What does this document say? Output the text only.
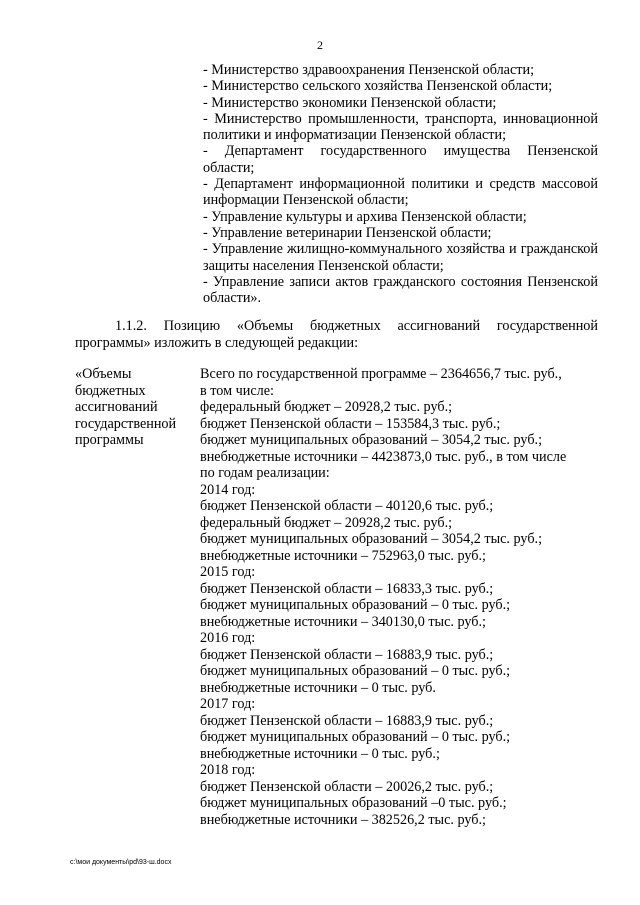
2

- Министерство здравоохранения Пензенской области;

- Министерство сельского хозяйства Пензенской области;

- Министерство экономики Пензенской области;

- Министерство промышленности, транспорта, инновационной политики и информатизации Пензенской области;

- Департамент государственного имущества Пензенской области;

- Департамент информационной политики и средств массовой информации Пензенской области;

- Управление культуры и архива Пензенской области;

- Управление ветеринарии Пензенской области;

- Управление жилищно-коммунального хозяйства и гражданской защиты населения Пензенской области;

- Управление записи актов гражданского состояния Пензенской области».

1.1.2. Позицию «Объемы бюджетных ассигнований государственной программы» изложить в следующей редакции:

«Объемы

бюджетных

ассигнований

государственной

программы

Всего по государственной программе – 2364656,7 тыс. руб.,

в том числе:

федеральный бюджет – 20928,2 тыс. руб.;

бюджет Пензенской области – 153584,3 тыс. руб.;

бюджет муниципальных образований – 3054,2 тыс. руб.;

внебюджетные источники – 4423873,0 тыс. руб., в том числе

по годам реализации:

2014 год:

бюджет Пензенской области – 40120,6 тыс. руб.;

федеральный бюджет – 20928,2 тыс. руб.;

бюджет муниципальных образований – 3054,2 тыс. руб.;

внебюджетные источники – 752963,0 тыс. руб.;

2015 год:

бюджет Пензенской области – 16833,3 тыс. руб.;

бюджет муниципальных образований – 0 тыс. руб.;

внебюджетные источники – 340130,0 тыс. руб.;

2016 год:

бюджет Пензенской области – 16883,9 тыс. руб.;

бюджет муниципальных образований – 0 тыс. руб.;

внебюджетные источники – 0 тыс. руб.

2017 год:

бюджет Пензенской области – 16883,9 тыс. руб.;

бюджет муниципальных образований – 0 тыс. руб.;

внебюджетные источники – 0 тыс. руб.;

2018 год:

бюджет Пензенской области – 20026,2 тыс. руб.;

бюджет муниципальных образований –0 тыс. руб.;

внебюджетные источники – 382526,2 тыс. руб.;

c:\мои документы\pd\93-ш.docx
